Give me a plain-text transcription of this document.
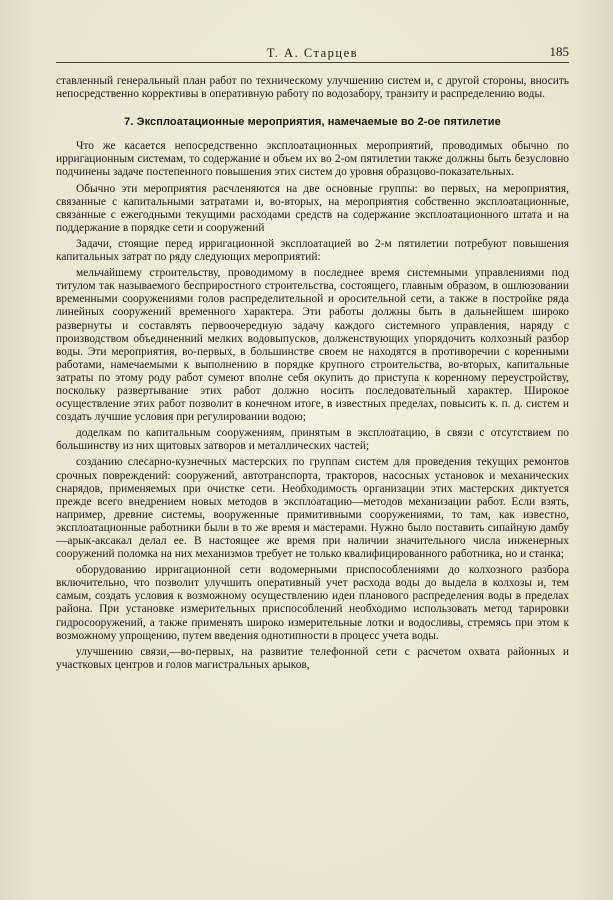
Т. А. Старцев	185

ставленный генеральный план работ по техническому улучшению систем и, с другой стороны, вносить непосредственно коррективы в оперативную работу по водозабору, транзиту и распределению воды.

7. Эксплоатационные мероприятия, намечаемые во 2-ое пятилетие

Что же касается непосредственно эксплоатационных мероприятий, проводимых обычно по ирригационным системам, то содержание и объем их во 2-ом пятилетии также должны быть безусловно подчинены задаче постепенного повышения этих систем до уровня образцово-показательных.

Обычно эти мероприятия расчленяются на две основные группы: во первых, на мероприятия, связанные с капитальными затратами и, во-вторых, на мероприятия собственно эксплоатационные, связанные с ежегодными текущими расходами средств на содержание эксплоатационного штата и на поддержание в порядке сети и сооружений

Задачи, стоящие перед ирригационной эксплоатацией во 2-м пятилетии потребуют повышения капитальных затрат по ряду следующих мероприятий:

мельчайшему строительству, проводимому в последнее время системными управлениями под титулом так называемого бесприростного строительства, состоящего, главным образом, в ошлюзовании временными сооружениями голов распределительной и оросительной сети, а также в постройке ряда линейных сооружений временного характера. Эти работы должны быть в дальнейшем широко развернуты и составлять первоочередную задачу каждого системного управления, наряду с производством объединенний мелких водовыпусков, долженствующих упорядочить колхозный разбор воды. Эти мероприятия, во-первых, в большинстве своем не находятся в противоречии с коренными работами, намечаемыми к выполнению в порядке крупного строительства, во-вторых, капитальные затраты по этому роду работ сумеют вполне себя окупить до приступа к коренному переустройству, поскольку развертывание этих работ должно носить последовательный характер. Широкое осуществление этих работ позволит в конечном итоге, в известных пределах, повысить к. п. д. систем и создать лучшие условия при регулировании водою;

доделкам по капитальным сооружениям, принятым в эксплоатацию, в связи с отсутствием по большинству из них щитовых затворов и металлических частей;

созданию слесарно-кузнечных мастерских по группам систем для проведения текущих ремонтов срочных повреждений: сооружений, автотранспорта, тракторов, насосных установок и механических снарядов, применяемых при очистке сети. Необходимость организации этих мастерских диктуется прежде всего внедрением новых методов в эксплоатацию—методов механизации работ. Если взять, например, древние системы, вооруженные примитивными сооружениями, то там, как известно, эксплоатационные работники были в то же время и мастерами. Нужно было поставить сипайную дамбу—арык-аксакал делал ее. В настоящее же время при наличии значительного числа инженерных сооружений поломка на них механизмов требует не только квалифицированного работника, но и станка;

оборудованию ирригационной сети водомерными приспособлениями до колхозного разбора включительно, что позволит улучшить оперативный учет расхода воды до выдела в колхозы и, тем самым, создать условия к возможному осуществлению идеи планового распределения воды в пределах района. При установке измерительных приспособлений необходимо использовать метод тарировки гидросооружений, а также применять широко измерительные лотки и водосливы, стремясь при этом к возможному упрощению, путем введения однотипности в процесс учета воды.

улучшению связи,—во-первых, на развитие телефонной сети с расчетом охвата районных и участковых центров и голов магистральных арыков,
